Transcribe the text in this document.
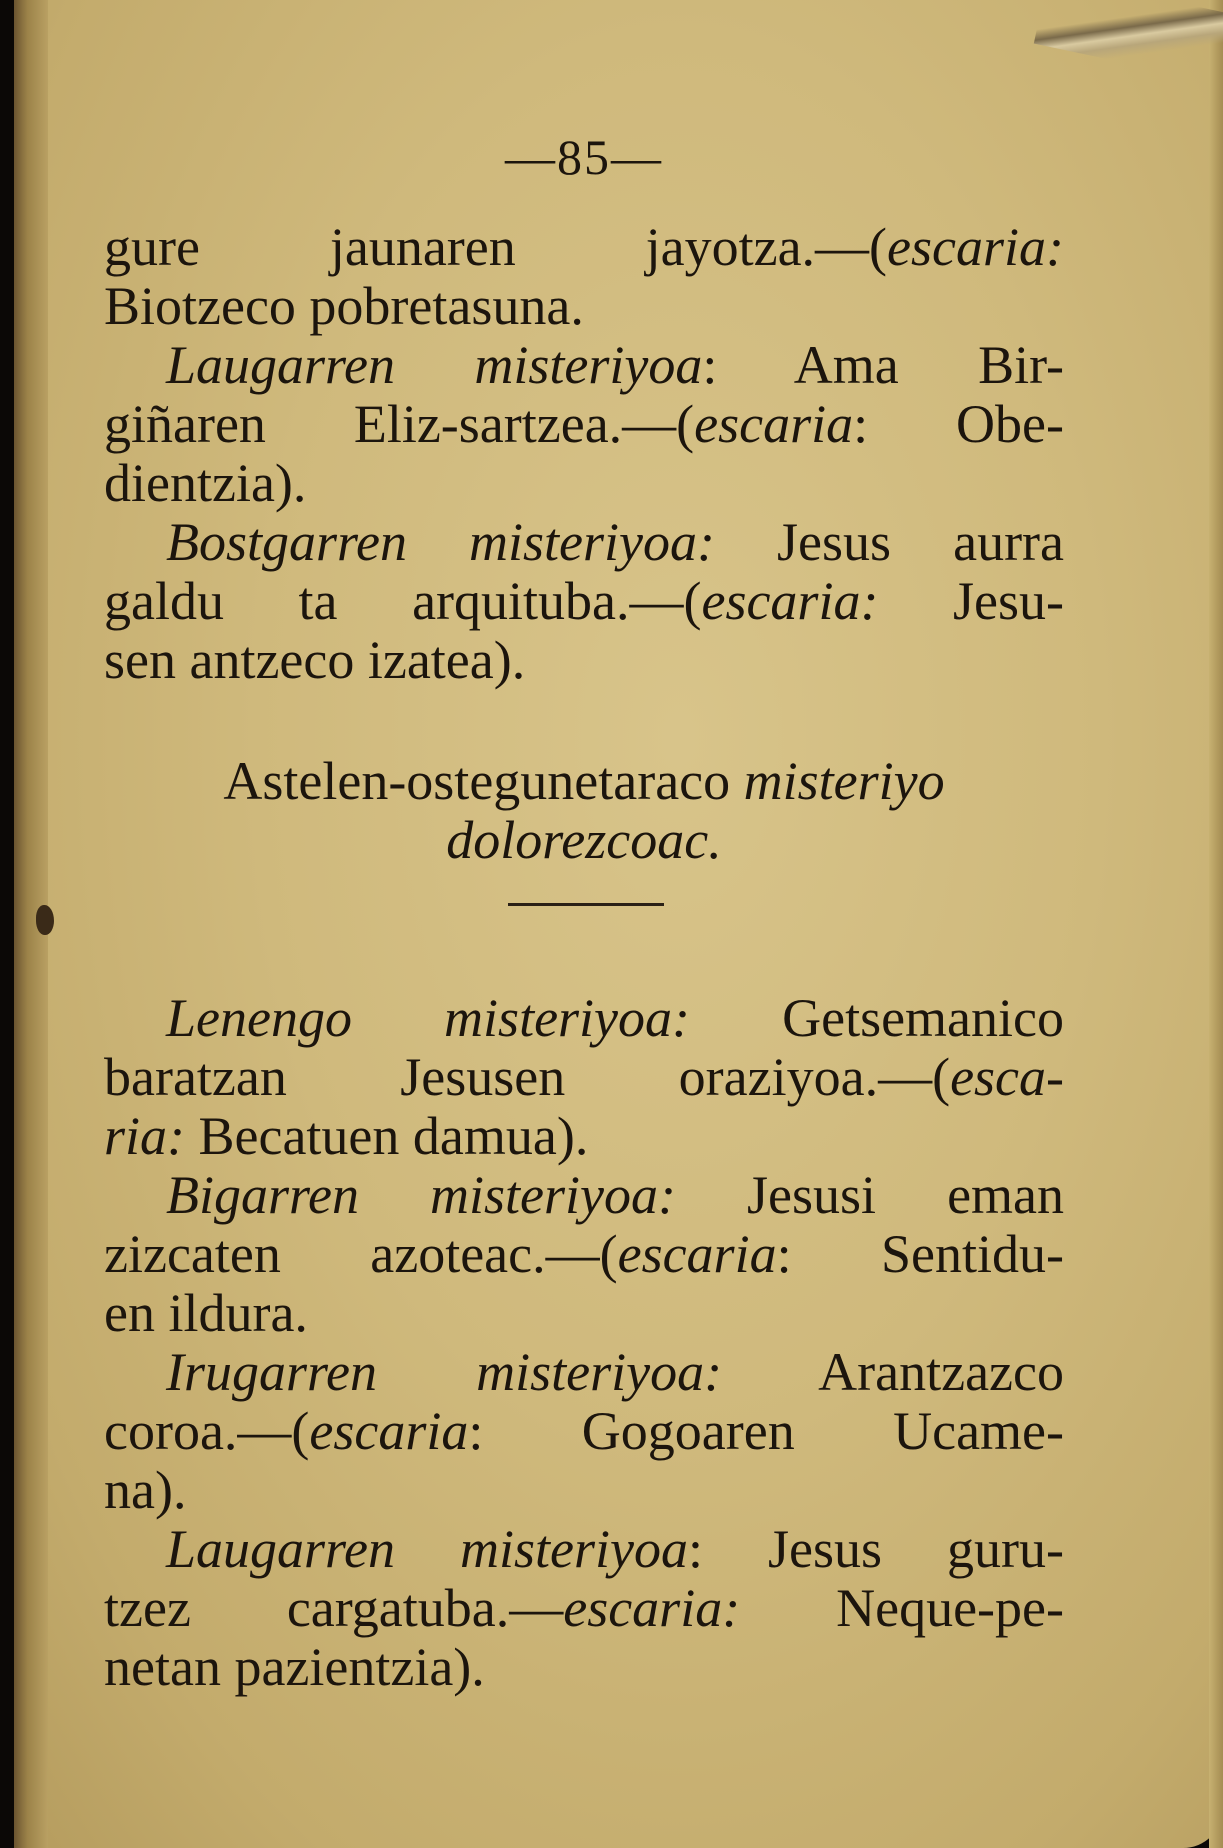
—85—
gure jaunaren jayotza.—(escaria:
Biotzeco pobretasuna.
Laugarren misteriyoa: Ama Bir-
giñaren Eliz-sartzea.—(escaria: Obe-
dientzia).
Bostgarren misteriyoa: Jesus aurra
galdu ta arquituba.—(escaria: Jesu-
sen antzeco izatea).
Astelen-ostegunetaraco misteriyo
dolorezcoac.
Lenengo misteriyoa: Getsemanico
baratzan Jesusen oraziyoa.—(esca-
ria: Becatuen damua).
Bigarren misteriyoa: Jesusi eman
zizcaten azoteac.—(escaria: Sentidu-
en ildura.
Irugarren misteriyoa: Arantzazco
coroa.—(escaria: Gogoaren Ucame-
na).
Laugarren misteriyoa: Jesus guru-
tzez cargatuba.—escaria: Neque-pe-
netan pazientzia).
